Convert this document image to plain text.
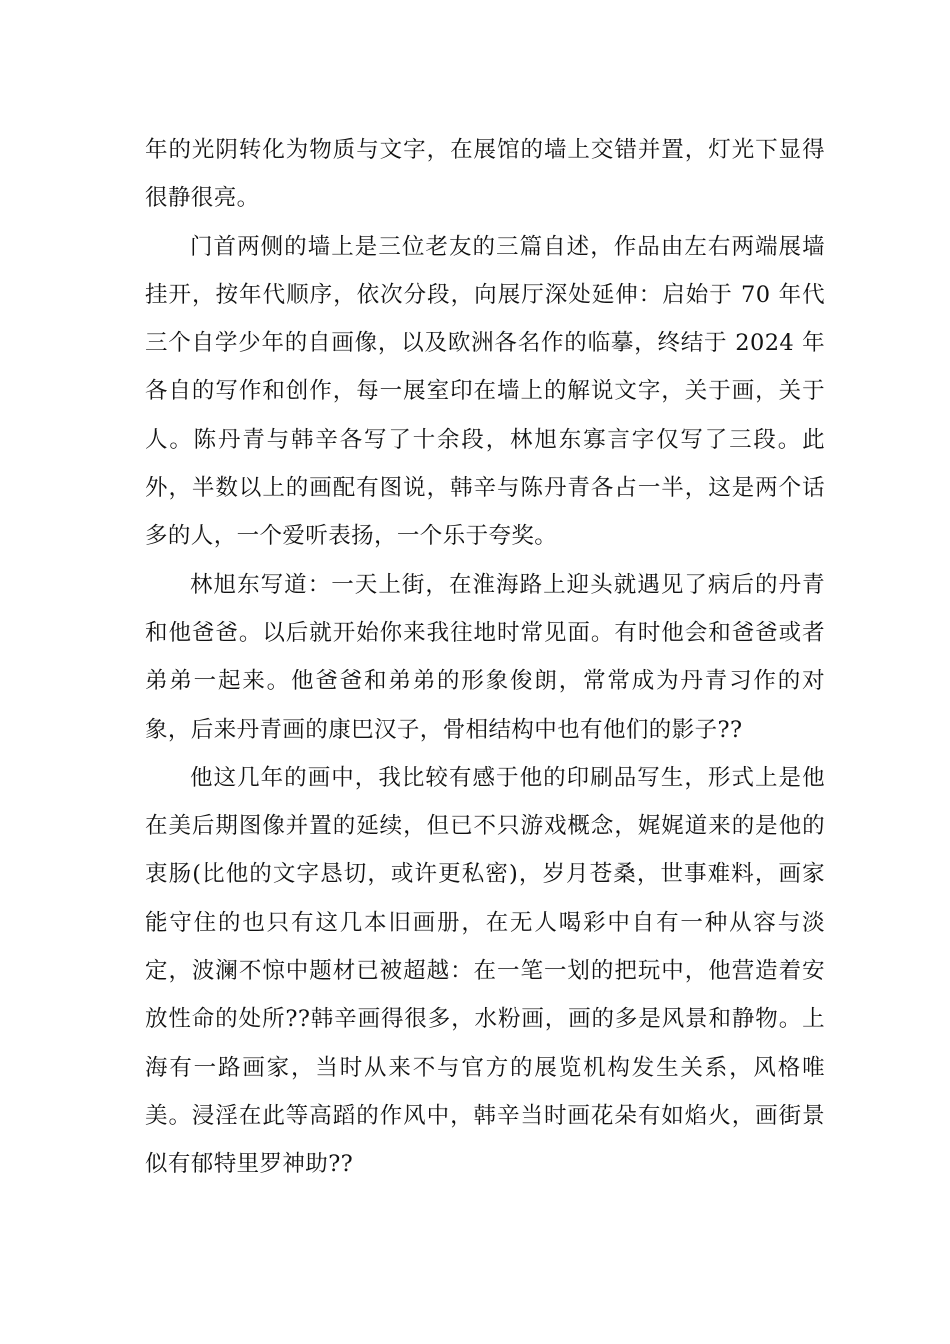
年的光阴转化为物质与文字，在展馆的墙上交错并置，灯光下显得很静很亮。

门首两侧的墙上是三位老友的三篇自述，作品由左右两端展墙挂开，按年代顺序，依次分段，向展厅深处延伸：启始于 70 年代三个自学少年的自画像，以及欧洲各名作的临摹，终结于 2024 年各自的写作和创作，每一展室印在墙上的解说文字，关于画，关于人。陈丹青与韩辛各写了十余段，林旭东寡言字仅写了三段。此外，半数以上的画配有图说，韩辛与陈丹青各占一半，这是两个话多的人，一个爱听表扬，一个乐于夸奖。

林旭东写道：一天上街，在淮海路上迎头就遇见了病后的丹青和他爸爸。以后就开始你来我往地时常见面。有时他会和爸爸或者弟弟一起来。他爸爸和弟弟的形象俊朗，常常成为丹青习作的对象，后来丹青画的康巴汉子，骨相结构中也有他们的影子??

他这几年的画中，我比较有感于他的印刷品写生，形式上是他在美后期图像并置的延续，但已不只游戏概念，娓娓道来的是他的衷肠(比他的文字恳切，或许更私密)，岁月苍桑，世事难料，画家能守住的也只有这几本旧画册，在无人喝彩中自有一种从容与淡定，波澜不惊中题材已被超越：在一笔一划的把玩中，他营造着安放性命的处所??韩辛画得很多，水粉画，画的多是风景和静物。上海有一路画家，当时从来不与官方的展览机构发生关系，风格唯美。浸淫在此等高蹈的作风中，韩辛当时画花朵有如焰火，画街景似有郁特里罗神助??
